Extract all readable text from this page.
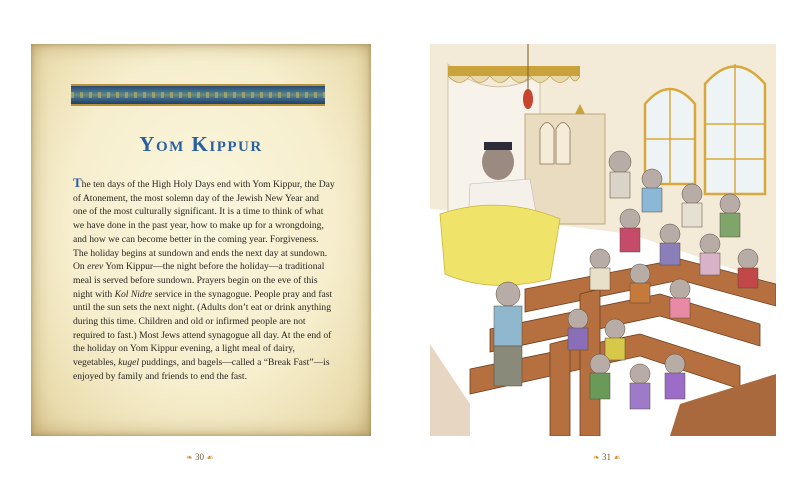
Yom Kippur

The ten days of the High Holy Days end with Yom Kippur, the Day of Atonement, the most solemn day of the Jewish New Year and one of the most culturally significant. It is a time to think of what we have done in the past year, how to make up for a wrongdoing, and how we can become better in the coming year. Forgiveness. The holiday begins at sundown and ends the next day at sundown. On erev Yom Kippur—the night before the holiday—a traditional meal is served before sundown. Prayers begin on the eve of this night with Kol Nidre service in the synagogue. People pray and fast until the sun sets the next night. (Adults don’t eat or drink anything during this time. Children and old or infirmed people are not required to fast.) Most Jews attend synagogue all day. At the end of the holiday on Yom Kippur evening, a light meal of dairy, vegetables, kugel puddings, and bagels—called a “Break Fast”—is enjoyed by family and friends to end the fast.

❧ 30 ☙	❧ 31 ☙
